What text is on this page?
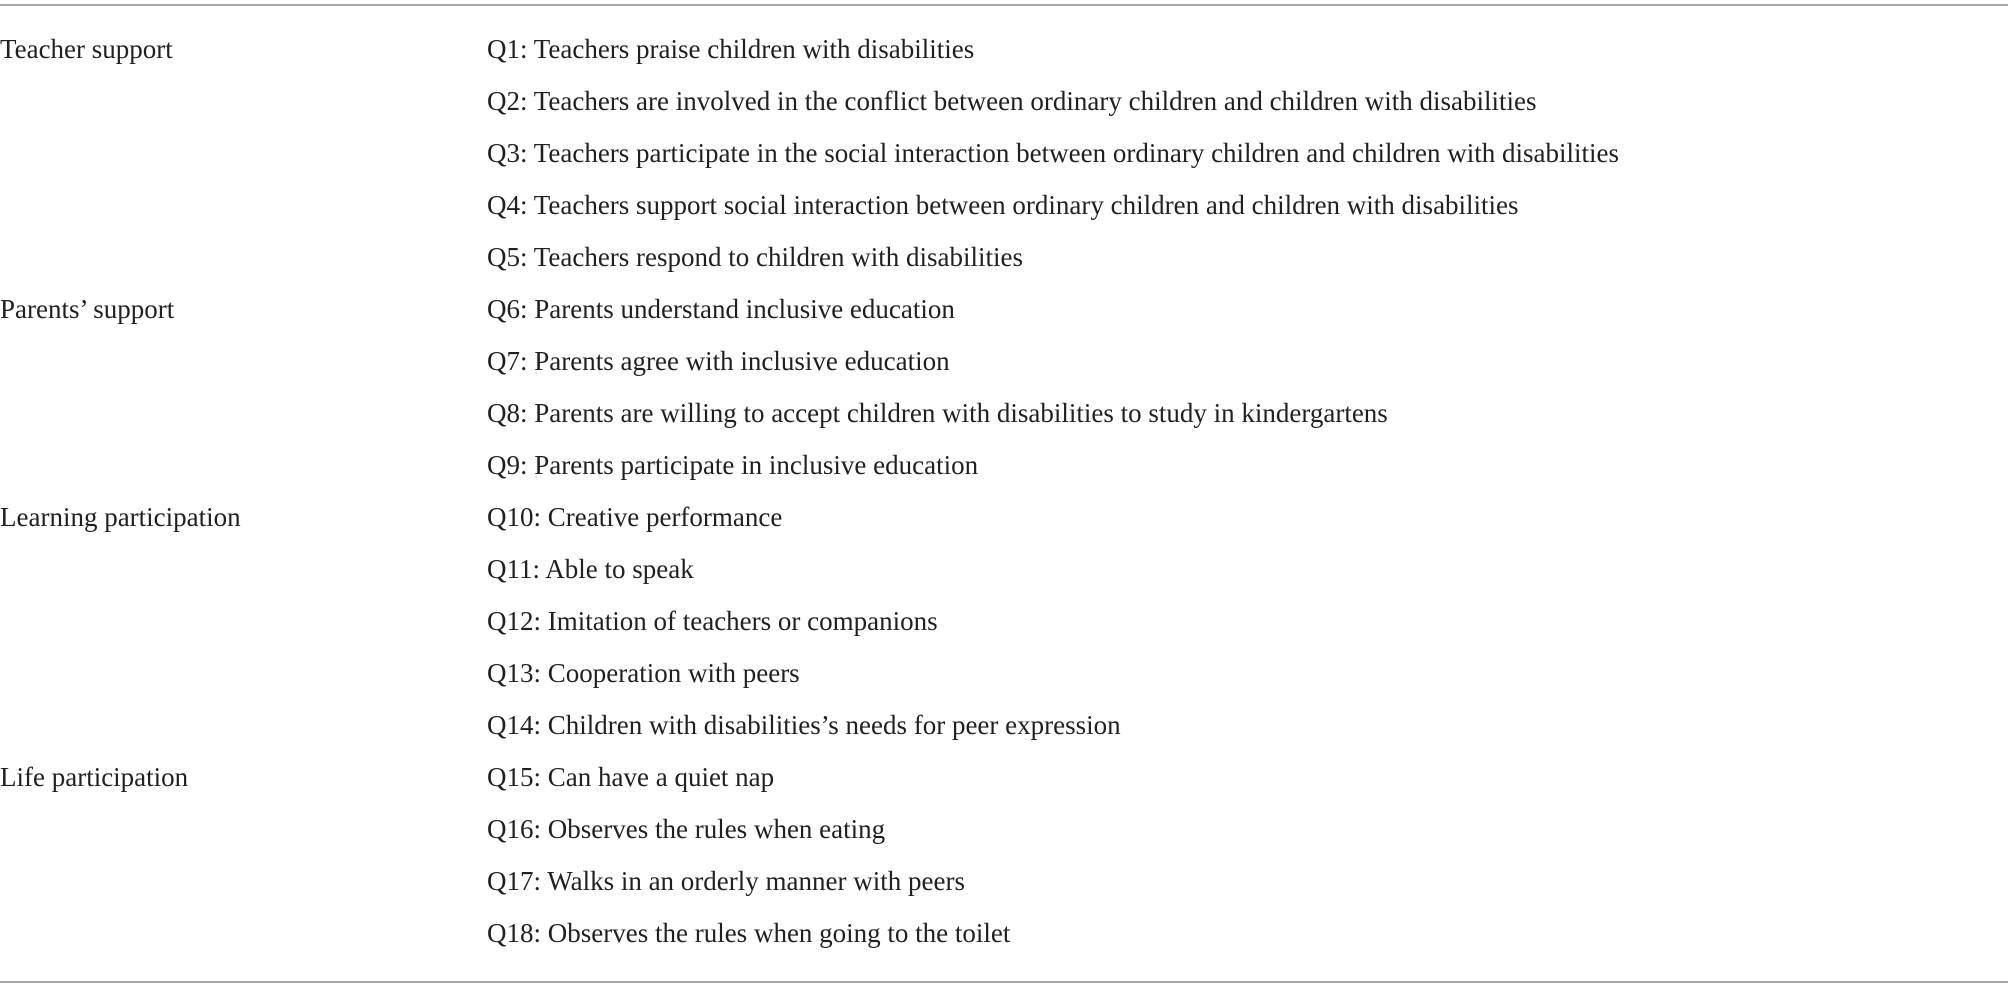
Teacher support	Q1: Teachers praise children with disabilities
Q2: Teachers are involved in the conflict between ordinary children and children with disabilities
Q3: Teachers participate in the social interaction between ordinary children and children with disabilities
Q4: Teachers support social interaction between ordinary children and children with disabilities
Q5: Teachers respond to children with disabilities
Parents’ support	Q6: Parents understand inclusive education
Q7: Parents agree with inclusive education
Q8: Parents are willing to accept children with disabilities to study in kindergartens
Q9: Parents participate in inclusive education
Learning participation	Q10: Creative performance
Q11: Able to speak
Q12: Imitation of teachers or companions
Q13: Cooperation with peers
Q14: Children with disabilities’s needs for peer expression
Life participation	Q15: Can have a quiet nap
Q16: Observes the rules when eating
Q17: Walks in an orderly manner with peers
Q18: Observes the rules when going to the toilet
